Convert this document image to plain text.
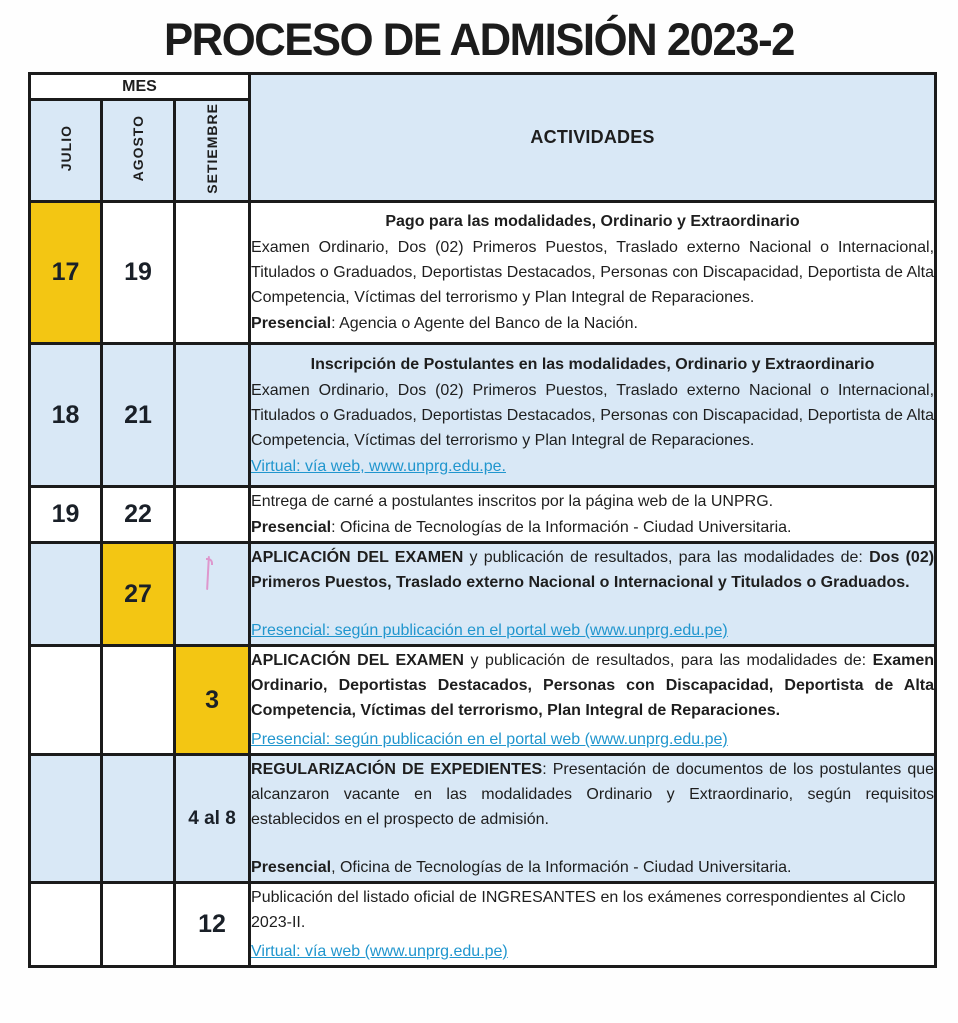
PROCESO DE ADMISIÓN 2023-2
MES			ACTIVIDADES
JULIO	AGOSTO	SETIEMBRE	
17	19		Pago para las modalidades, Ordinario y Extraordinario
Examen Ordinario, Dos (02) Primeros Puestos, Traslado externo Nacional o Internacional, Titulados o Graduados, Deportistas Destacados, Personas con Discapacidad, Deportista de Alta Competencia, Víctimas del terrorismo y Plan Integral de Reparaciones.
Presencial: Agencia o Agente del Banco de la Nación.

18	21		Inscripción de Postulantes en las modalidades, Ordinario y Extraordinario
Examen Ordinario, Dos (02) Primeros Puestos, Traslado externo Nacional o Internacional, Titulados o Graduados, Deportistas Destacados, Personas con Discapacidad, Deportista de Alta Competencia, Víctimas del terrorismo y Plan Integral de Reparaciones.
Virtual: vía web, www.unprg.edu.pe.

19	22		Entrega de carné a postulantes inscritos por la página web de la UNPRG.
Presencial: Oficina de Tecnologías de la Información - Ciudad Universitaria.

	27		APLICACIÓN DEL EXAMEN y publicación de resultados, para las modalidades de: Dos (02) Primeros Puestos, Traslado externo Nacional o Internacional y Titulados o Graduados.
Presencial: según publicación en el portal web (www.unprg.edu.pe)

		3	APLICACIÓN DEL EXAMEN y publicación de resultados, para las modalidades de: Examen Ordinario, Deportistas Destacados, Personas con Discapacidad, Deportista de Alta Competencia, Víctimas del terrorismo, Plan Integral de Reparaciones.
Presencial: según publicación en el portal web (www.unprg.edu.pe)

		4 al 8	REGULARIZACIÓN DE EXPEDIENTES: Presentación de documentos de los postulantes que alcanzaron vacante en las modalidades Ordinario y Extraordinario, según requisitos establecidos en el prospecto de admisión.
Presencial, Oficina de Tecnologías de la Información - Ciudad Universitaria.

		12	Publicación del listado oficial de INGRESANTES en los exámenes correspondientes al Ciclo 2023-II.
Virtual: vía web (www.unprg.edu.pe)
